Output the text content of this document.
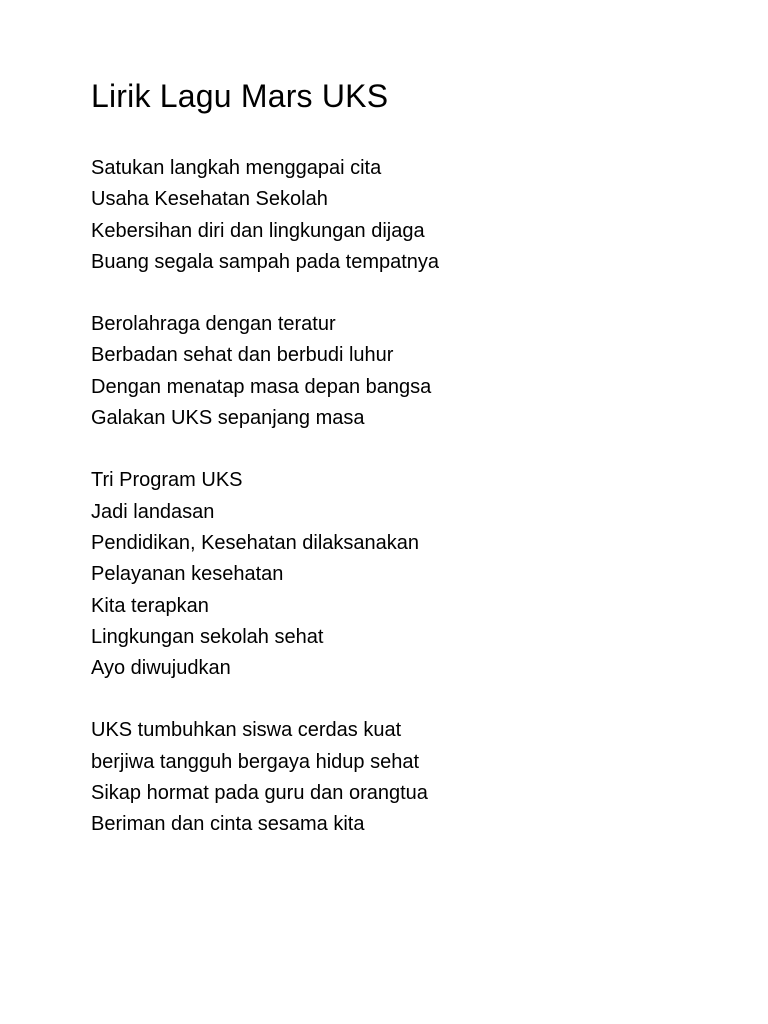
Lirik Lagu Mars UKS
Satukan langkah menggapai cita
Usaha Kesehatan Sekolah
Kebersihan diri dan lingkungan dijaga
Buang segala sampah pada tempatnya
Berolahraga dengan teratur
Berbadan sehat dan berbudi luhur
Dengan menatap masa depan bangsa
Galakan UKS sepanjang masa
Tri Program UKS
Jadi landasan
Pendidikan, Kesehatan dilaksanakan
Pelayanan kesehatan
Kita terapkan
Lingkungan sekolah sehat
Ayo diwujudkan
UKS tumbuhkan siswa cerdas kuat
berjiwa tangguh bergaya hidup sehat
Sikap hormat pada guru dan orangtua
Beriman dan cinta sesama kita
